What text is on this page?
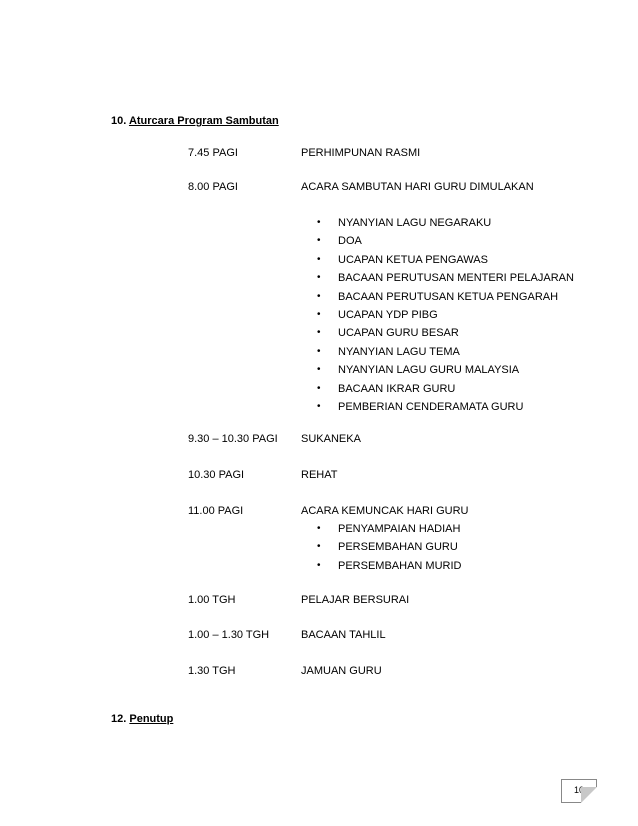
10. Aturcara Program Sambutan
7.45 PAGI	PERHIMPUNAN RASMI
8.00 PAGI	ACARA SAMBUTAN HARI GURU DIMULAKAN
• NYANYIAN LAGU NEGARAKU
• DOA
• UCAPAN KETUA PENGAWAS
• BACAAN PERUTUSAN MENTERI PELAJARAN
• BACAAN PERUTUSAN KETUA PENGARAH
• UCAPAN YDP PIBG
• UCAPAN GURU BESAR
• NYANYIAN LAGU TEMA
• NYANYIAN LAGU GURU MALAYSIA
• BACAAN IKRAR GURU
• PEMBERIAN CENDERAMATA GURU
9.30 – 10.30 PAGI SUKANEKA
10.30 PAGI	REHAT
11.00 PAGI	ACARA KEMUNCAK HARI GURU
• PENYAMPAIAN HADIAH
• PERSEMBAHAN GURU
• PERSEMBAHAN MURID
1.00 TGH	PELAJAR BERSURAI
1.00 – 1.30 TGH	BACAAN TAHLIL
1.30 TGH	JAMUAN GURU
12. Penutup
10
